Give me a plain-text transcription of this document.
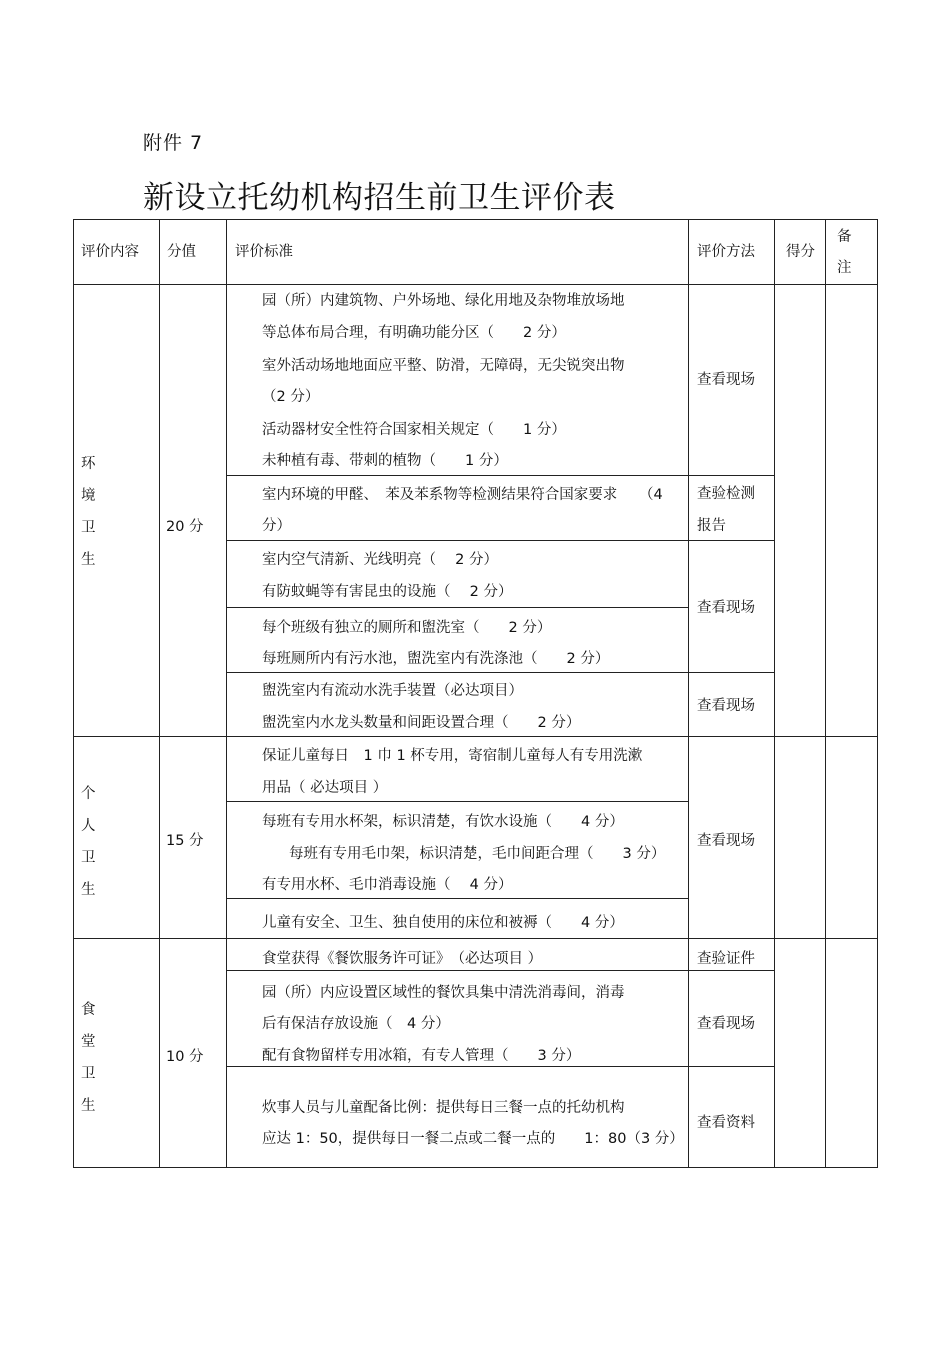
附件 7
新设立托幼机构招生前卫生评价表
评价内容 分值	评价标准	评价方法 得分
备
注
环境卫生
20 分
园（所）内建筑物、户外场地、绿化用地及杂物堆放场地
等总体布局合理，有明确功能分区（　　2 分）
室外活动场地地面应平整、防滑，无障碍，无尖锐突出物
（2 分）
活动器材安全性符合国家相关规定（　　1 分）
未种植有毒、带刺的植物（　　1 分）
室内环境的甲醛、　苯及苯系物等检测结果符合国家要求　　（4
分）
室内空气清新、光线明亮（　 2 分）
有防蚊蝇等有害昆虫的设施（　 2 分）
每个班级有独立的厕所和盥洗室（　　2 分）
每班厕所内有污水池，盥洗室内有洗涤池（　　2 分）
盥洗室内有流动水洗手装置（必达项目）
盥洗室内水龙头数量和间距设置合理（　　2 分）
查看现场
查验检测
报告
查看现场
查看现场
个人卫生
15 分
保证儿童每日　1 巾 1 杯专用，寄宿制儿童每人有专用洗漱
用品（ 必达项目 ）
每班有专用水杯架，标识清楚，有饮水设施（　　4 分）
每班有专用毛巾架，标识清楚，毛巾间距合理（　　3 分）
有专用水杯、毛巾消毒设施（　 4 分）
儿童有安全、卫生、独自使用的床位和被褥（　　4 分）
查看现场
食堂卫生
10 分
食堂获得《餐饮服务许可证》　（必达项目 ）
园（所）内应设置区域性的餐饮具集中清洗消毒间，消毒
后有保洁存放设施（　4 分）
配有食物留样专用冰箱，有专人管理（　　3 分）
炊事人员与儿童配备比例：提供每日三餐一点的托幼机构
应达 1：50，提供每日一餐二点或二餐一点的　　1：80（3 分）
查验证件
查看现场
查看资料
